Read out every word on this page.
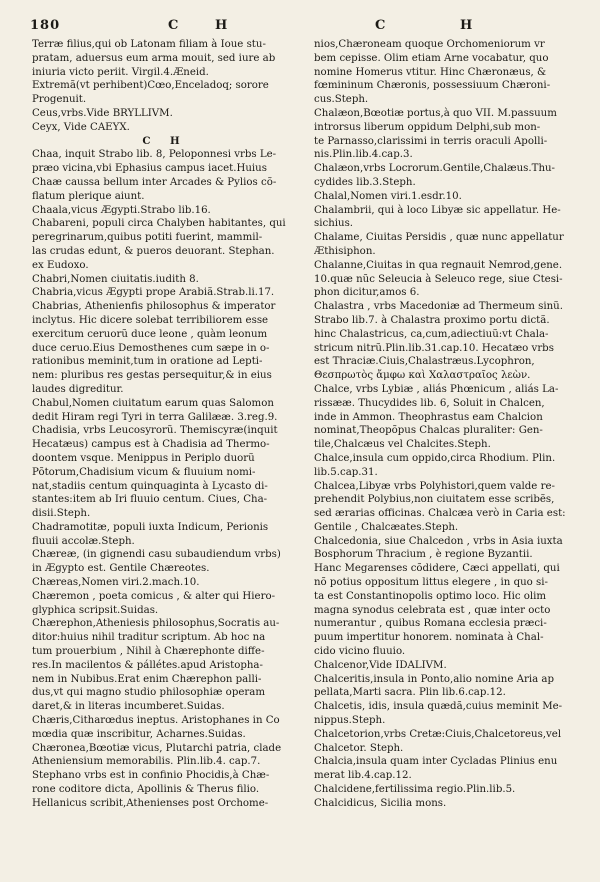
180	C	H	C	H
Terræ filius,qui ob Latonam filiam à Ioue stu-
pratam, aduersus eum arma mouit, sed iure ab
iniuria victo periit. Virgil.4.Æneid.
Extremã(vt perhibent)Cœo,Enceladoq; sorore
Progenuit.
Ceus,vrbs.Vide BRYLLIVM.
Ceyx, Vide CAEYX.
C H
Chaa, inquit Strabo lib. 8, Peloponnesi vrbs Le-
præo vicina,vbi Ephasius campus iacet.Huius
Chaæ caussa bellum inter Arcades & Pylios cõ-
flatum plerique aiunt.
Chaala,vicus Ægypti.Strabo lib.16.
Chabareni, populi circa Chalyben habitantes, qui
peregrinarum,quibus potiti fuerint, mammil-
las crudas edunt, & pueros deuorant. Stephan.
ex Eudoxo.
Chabri,Nomen ciuitatis.iudith 8.
Chabria,vicus Ægypti prope Arabiã.Strab.li.17.
Chabrias, Athenienfis philosophus & imperator
inclytus. Hic dicere solebat terribiliorem esse
exercitum ceruorũ duce leone , quàm leonum
duce ceruo.Eius Demosthenes cum sæpe in o-
rationibus meminit,tum in oratione ad Lepti-
nem: pluribus res gestas persequitur,& in eius
laudes digreditur.
Chabul,Nomen ciuitatum earum quas Salomon
dedit Hiram regi Tyri in terra Galilææ. 3.reg.9.
Chadisia, vrbs Leucosyrorũ. Themiscyræ(inquit
Hecatæus) campus est à Chadisia ad Thermo-
doontem vsque. Menippus in Periplo duorũ
Põtorum,Chadisium vicum & fluuium nomi-
nat,stadiis centum quinquaginta à Lycasto di-
stantes:item ab Iri fluuio centum. Ciues, Cha-
disii.Steph.
Chadramotitæ, populi iuxta Indicum, Perionis
fluuii accolæ.Steph.
Chæreæ, (in gignendi casu subaudiendum vrbs)
in Ægypto est. Gentile Chæreotes.
Chæreas,Nomen viri.2.mach.10.
Chæremon , poeta comicus , & alter qui Hiero-
glyphica scripsit.Suidas.
Chærephon,Atheniesis philosophus,Socratis au-
ditor:huius nihil traditur scriptum. Ab hoc na
tum prouerbium , Nihil à Chærephonte diffe-
res.In macilentos & pállétes.apud Aristopha-
nem in Nubibus.Erat enim Chærephon palli-
dus,vt qui magno studio philosophiæ operam
daret,& in literas incumberet.Suidas.
Chæris,Citharœdus ineptus. Aristophanes in Co
mœdia quæ inscribitur, Acharnes.Suidas.
Chæronea,Bœotiæ vicus, Plutarchi patria, clade
Atheniensium memorabilis. Plin.lib.4. cap.7.
Stephano vrbs est in confinio Phocidis,à Chæ-
rone coditore dicta, Apollinis & Therus filio.
Hellanicus scribit,Athenienses post Orchome-
nios,Chæroneam quoque Orchomeniorum vr
bem cepisse. Olim etiam Arne vocabatur, quo
nomine Homerus vtitur. Hinc Chæronæus, &
fœmininum Chæronis, possessiuum Chæroni-
cus.Steph.
Chalæon,Bœotiæ portus,à quo VII. M.passuum
introrsus liberum oppidum Delphi,sub mon-
te Parnasso,clarissimi in terris oraculi Apolli-
nis.Plin.lib.4.cap.3.
Chalæon,vrbs Locrorum.Gentile,Chalæus.Thu-
cydides lib.3.Steph.
Chalal,Nomen viri.1.esdr.10.
Chalambrii, qui à loco Libyæ sic appellatur. He-
sichius.
Chalame, Ciuitas Persidis , quæ nunc appellatur
Æthisiphon.
Chalanne,Ciuitas in qua regnauit Nemrod,gene.
10.quæ nũc Seleucia à Seleuco rege, siue Ctesi-
phon dicitur,amos 6.
Chalastra , vrbs Macedoniæ ad Thermeum sinũ.
Strabo lib.7. à Chalastra proximo portu dictã.
hinc Chalastricus, ca,cum,adiectiuũ:vt Chala-
stricum nitrũ.Plin.lib.31.cap.10. Hecatæo vrbs
est Thraciæ.Ciuis,Chalastræus.Lycophron,
Θεσπρωτὸς ἄμφω καὶ Χαλαστραῖος λεὼν.
Chalce, vrbs Lybiæ , aliás Phœnicum , aliás La-
rissææ. Thucydides lib. 6, Soluit in Chalcen,
inde in Ammon. Theophrastus eam Chalcion
nominat,Theopõpus Chalcas pluraliter: Gen-
tile,Chalcæus vel Chalcites.Steph.
Chalce,insula cum oppido,circa Rhodium. Plin.
lib.5.cap.31.
Chalcea,Libyæ vrbs Polyhistori,quem valde re-
prehendit Polybius,non ciuitatem esse scribẽs,
sed ærarias officinas. Chalcæa verò in Caria est:
Gentile , Chalcæates.Steph.
Chalcedonia, siue Chalcedon , vrbs in Asia iuxta
Bosphorum Thracium , è regione Byzantii.
Hanc Megarenses cõdidere, Cæci appellati, qui
nõ potius oppositum littus elegere , in quo si-
ta est Constantinopolis optimo loco. Hic olim
magna synodus celebrata est , quæ inter octo
numerantur , quibus Romana ecclesia præci-
puum impertitur honorem. nominata à Chal-
cido vicino fluuio.
Chalcenor,Vide IDALIVM.
Chalceritis,insula in Ponto,alio nomine Aria ap
pellata,Marti sacra. Plin lib.6.cap.12.
Chalcetis, idis, insula quædã,cuius meminit Me-
nippus.Steph.
Chalcetorion,vrbs Cretæ:Ciuis,Chalcetoreus,vel
Chalcetor. Steph.
Chalcia,insula quam inter Cycladas Plinius enu
merat lib.4.cap.12.
Chalcidene,fertilissima regio.Plin.lib.5.
Chalcidicus, Sicilia mons.
